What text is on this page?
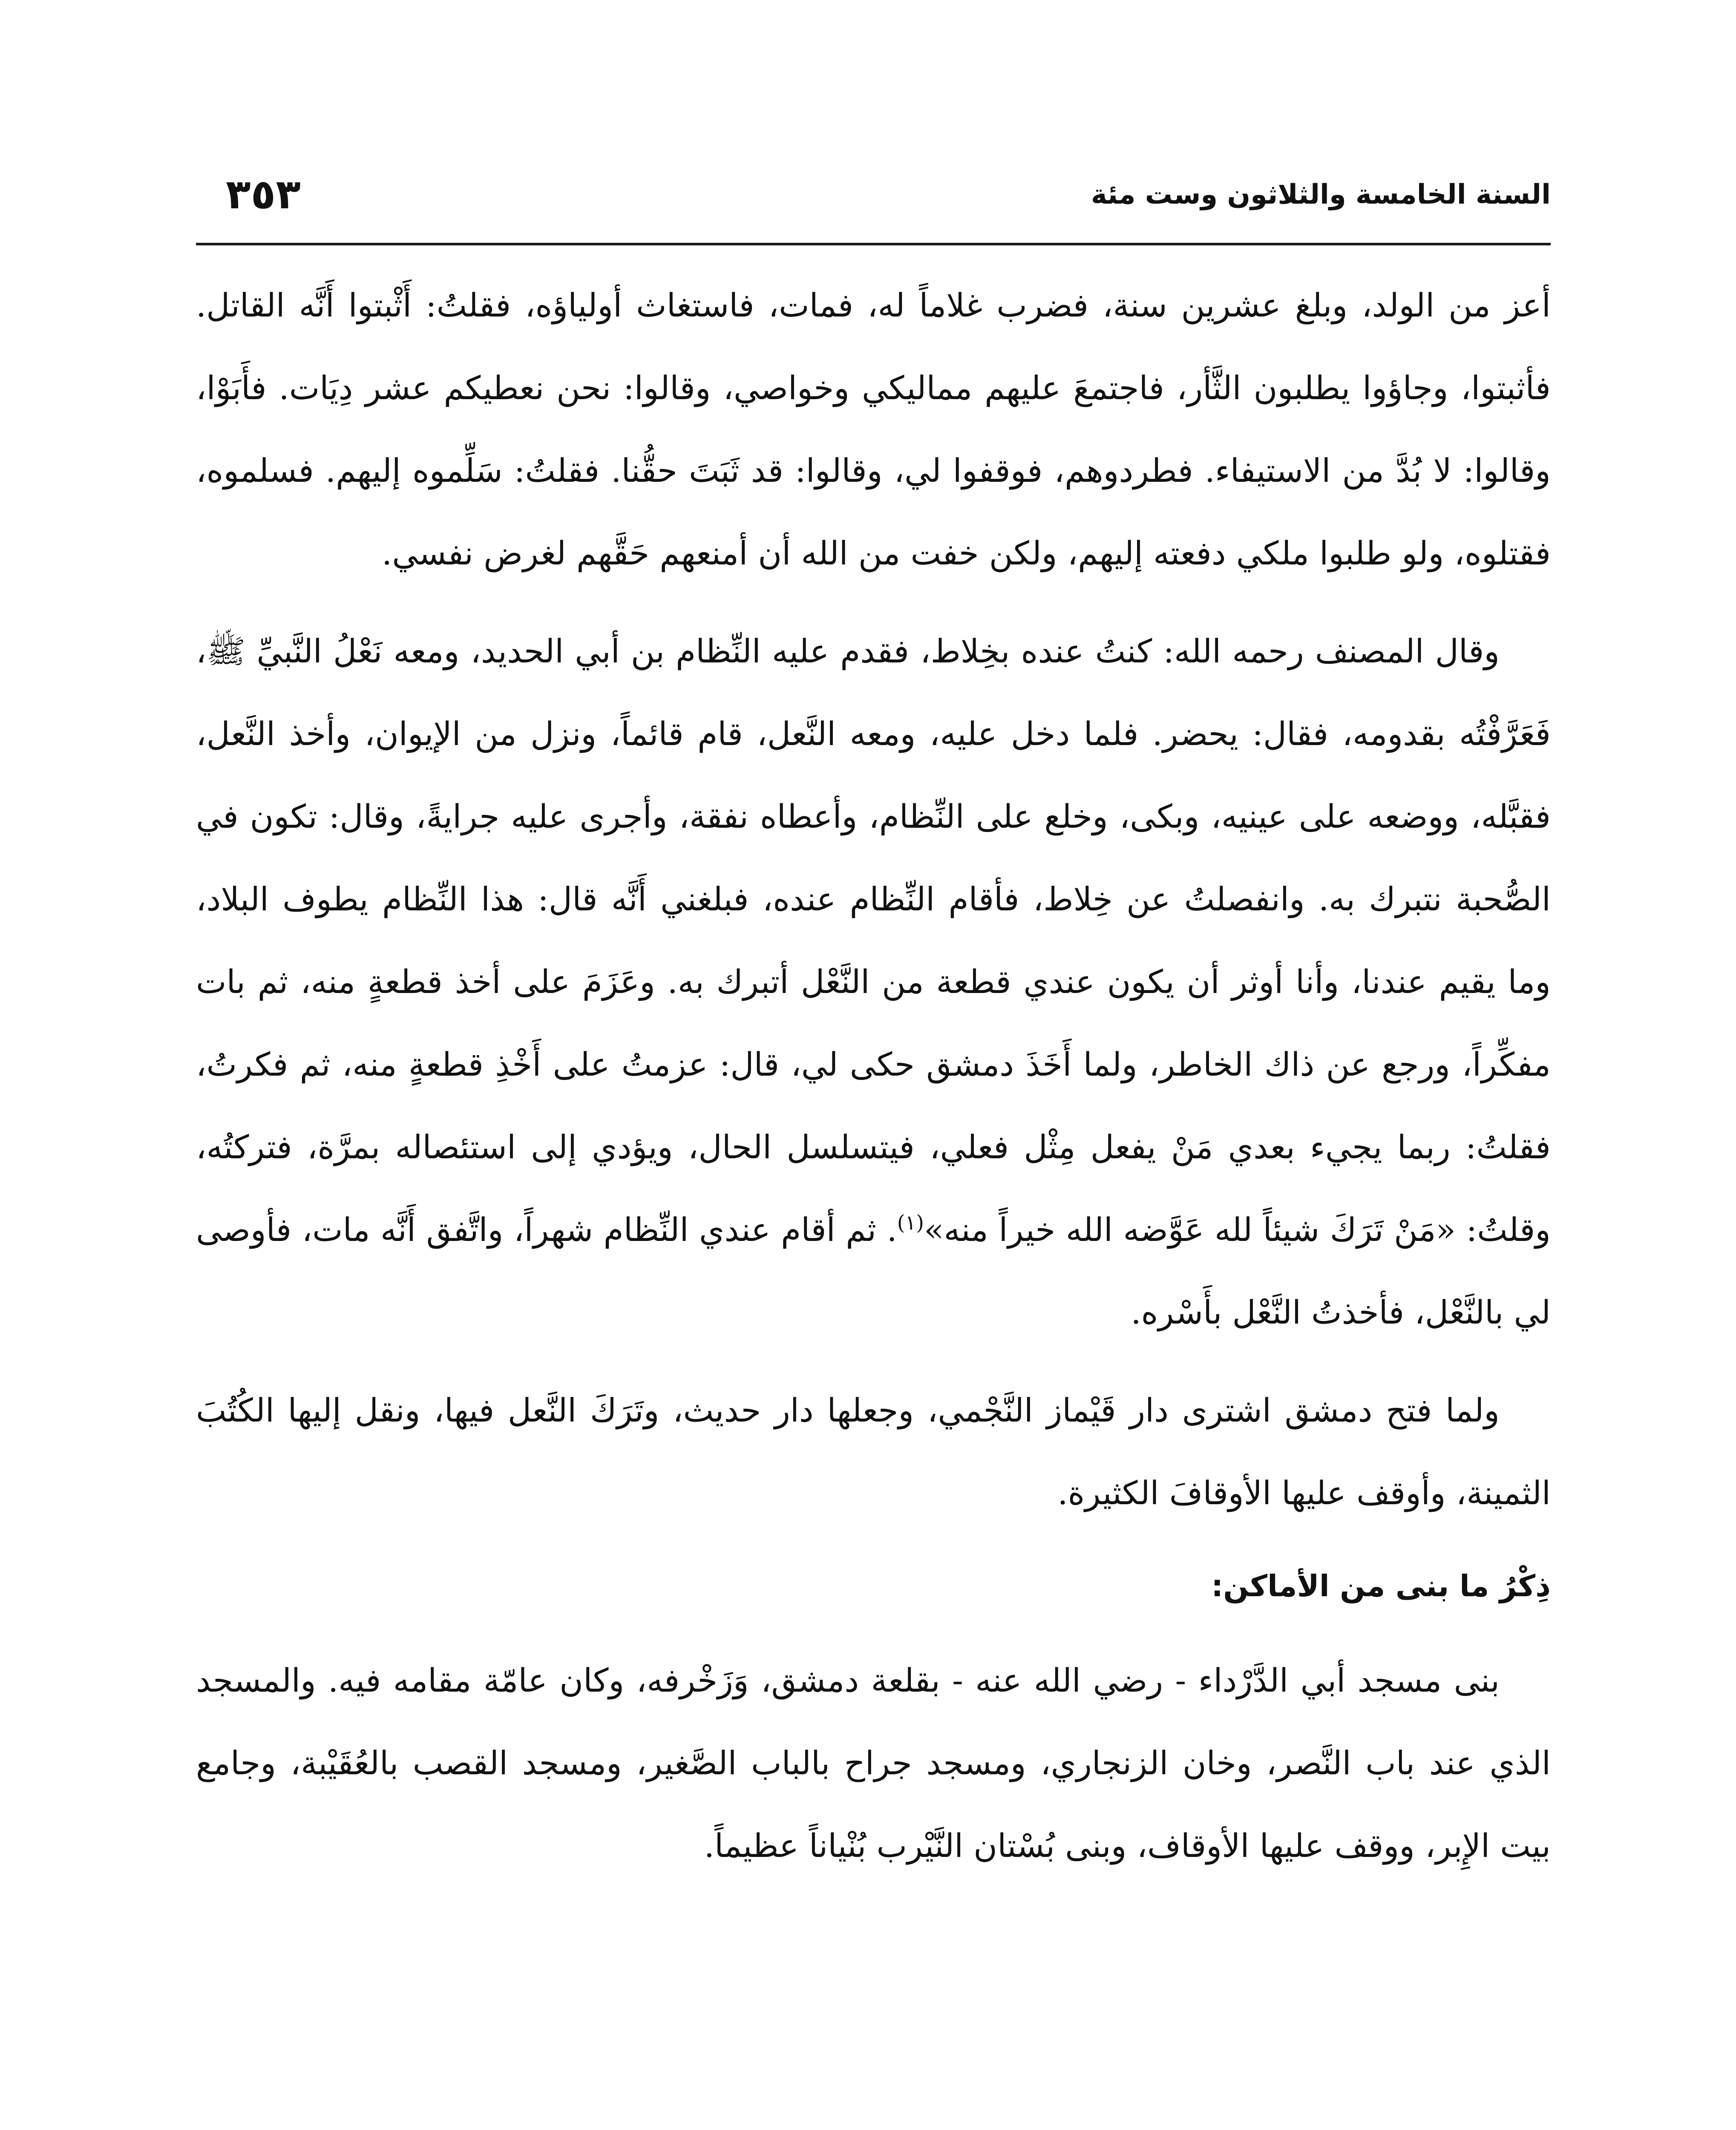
السنة الخامسة والثلاثون وست مئة
٣٥٣

أعز من الولد، وبلغ عشرين سنة، فضرب غلاماً له، فمات، فاستغاث أولياؤه، فقلتُ: أَثْبتوا أَنَّه القاتل. فأثبتوا، وجاؤوا يطلبون الثَّأر، فاجتمعَ عليهم مماليكي وخواصي، وقالوا: نحن نعطيكم عشر دِيَات. فأَبَوْا، وقالوا: لا بُدَّ من الاستيفاء. فطردوهم، فوقفوا لي، وقالوا: قد ثَبَتَ حقُّنا. فقلتُ: سَلِّموه إليهم. فسلموه، فقتلوه، ولو طلبوا ملكي دفعته إليهم، ولكن خفت من الله أن أمنعهم حَقَّهم لغرض نفسي.

وقال المصنف رحمه الله: كنتُ عنده بخِلاط، فقدم عليه النِّظام بن أبي الحديد، ومعه نَعْلُ النَّبيِّ ﷺ، فَعَرَّفْتُه بقدومه، فقال: يحضر. فلما دخل عليه، ومعه النَّعل، قام قائماً، ونزل من الإيوان، وأخذ النَّعل، فقبَّله، ووضعه على عينيه، وبكى، وخلع على النِّظام، وأعطاه نفقة، وأجرى عليه جرايةً، وقال: تكون في الصُّحبة نتبرك به. وانفصلتُ عن خِلاط، فأقام النِّظام عنده، فبلغني أَنَّه قال: هذا النِّظام يطوف البلاد، وما يقيم عندنا، وأنا أوثر أن يكون عندي قطعة من النَّعْل أتبرك به. وعَزَمَ على أخذ قطعةٍ منه، ثم بات مفكِّراً، ورجع عن ذاك الخاطر، ولما أَخَذَ دمشق حكى لي، قال: عزمتُ على أَخْذِ قطعةٍ منه، ثم فكرتُ، فقلتُ: ربما يجيء بعدي مَنْ يفعل مِثْل فعلي، فيتسلسل الحال، ويؤدي إلى استئصاله بمرَّة، فتركتُه، وقلتُ: «مَنْ تَرَكَ شيئاً لله عَوَّضه الله خيراً منه»$^{(١)}$. ثم أقام عندي النِّظام شهراً، واتَّفق أَنَّه مات، فأوصى لي بالنَّعْل، فأخذتُ النَّعْل بأَسْره.

ولما فتح دمشق اشترى دار قَيْماز النَّجْمي، وجعلها دار حديث، وتَرَكَ النَّعل فيها، ونقل إليها الكُتُبَ الثمينة، وأوقف عليها الأوقافَ الكثيرة.

ذِكْرُ ما بنى من الأماكن:

بنى مسجد أبي الدَّرْداء - رضي الله عنه - بقلعة دمشق، وَزَخْرفه، وكان عامّة مقامه فيه. والمسجد الذي عند باب النَّصر، وخان الزنجاري، ومسجد جراح بالباب الصَّغير، ومسجد القصب بالعُقَيْبة، وجامع بيت الإِبر، ووقف عليها الأوقاف، وبنى بُسْتان النَّيْرب بُنْياناً عظيماً.
